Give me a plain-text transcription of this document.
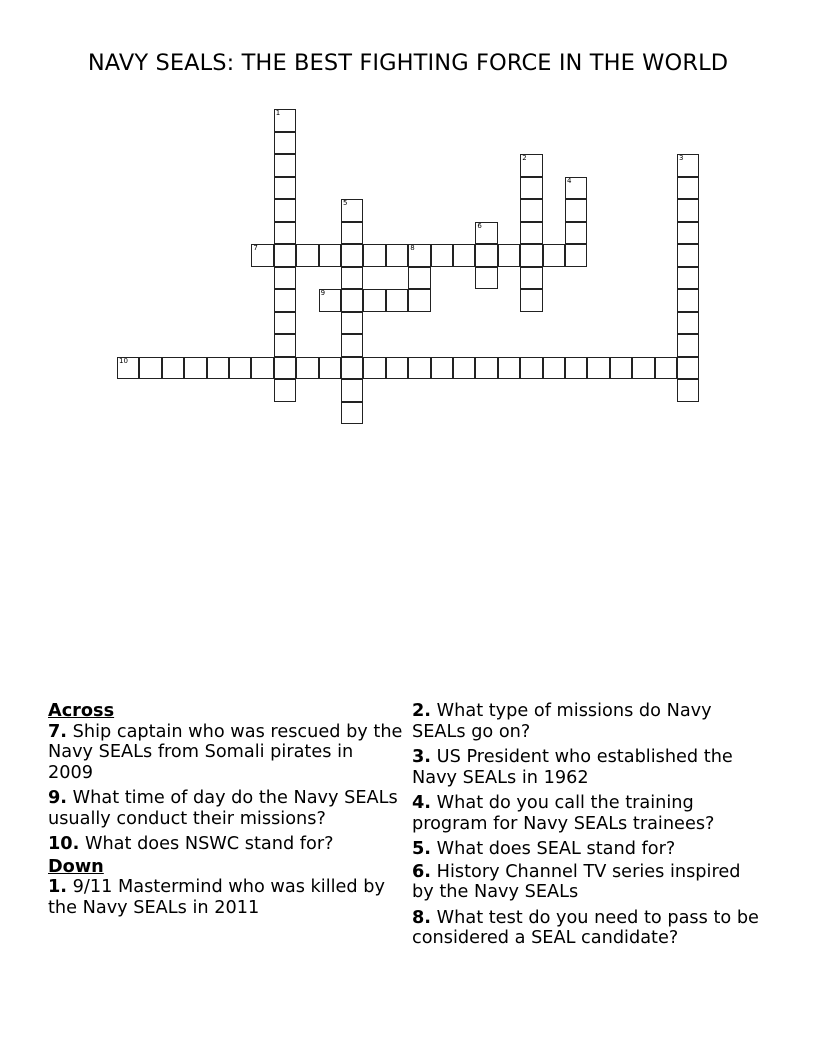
NAVY SEALS: THE BEST FIGHTING FORCE IN THE WORLD
1
2	3
4
5
6
7	8
9
10
Across
7. Ship captain who was rescued by the Navy SEALs from Somali pirates in 2009
9. What time of day do the Navy SEALs usually conduct their missions?
10. What does NSWC stand for?
Down
1. 9/11 Mastermind who was killed by the Navy SEALs in 2011
2. What type of missions do Navy SEALs go on?
3. US President who established the Navy SEALs in 1962
4. What do you call the training program for Navy SEALs trainees?
5. What does SEAL stand for?
6. History Channel TV series inspired by the Navy SEALs
8. What test do you need to pass to be considered a SEAL candidate?
